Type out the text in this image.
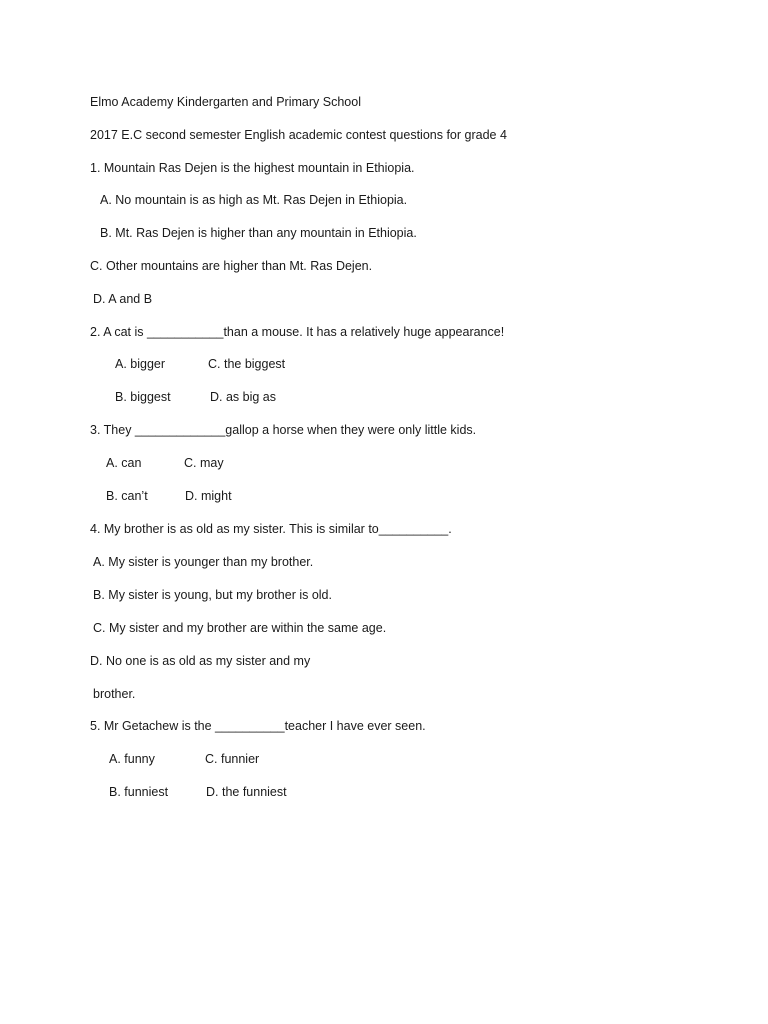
Elmo Academy Kindergarten and Primary School
2017 E.C second semester English academic contest questions for grade 4
1. Mountain Ras Dejen is the highest mountain in Ethiopia.
A. No mountain is as high as Mt. Ras Dejen in Ethiopia.
B. Mt. Ras Dejen is higher than any mountain in Ethiopia.
C. Other mountains are higher than Mt. Ras Dejen.
D. A and B
2. A cat is ___________than a mouse. It has a relatively huge appearance!
A. bigger	C. the biggest
B. biggest	D. as big as
3. They _____________gallop a horse when they were only little kids.
A. can	C. may
B. can’t	D. might
4. My brother is as old as my sister. This is similar to__________.
A. My sister is younger than my brother.
B. My sister is young, but my brother is old.
C. My sister and my brother are within the same age.
D. No one is as old as my sister and my
brother.
5. Mr Getachew is the __________teacher I have ever seen.
A. funny	C. funnier
B. funniest	D. the funniest
